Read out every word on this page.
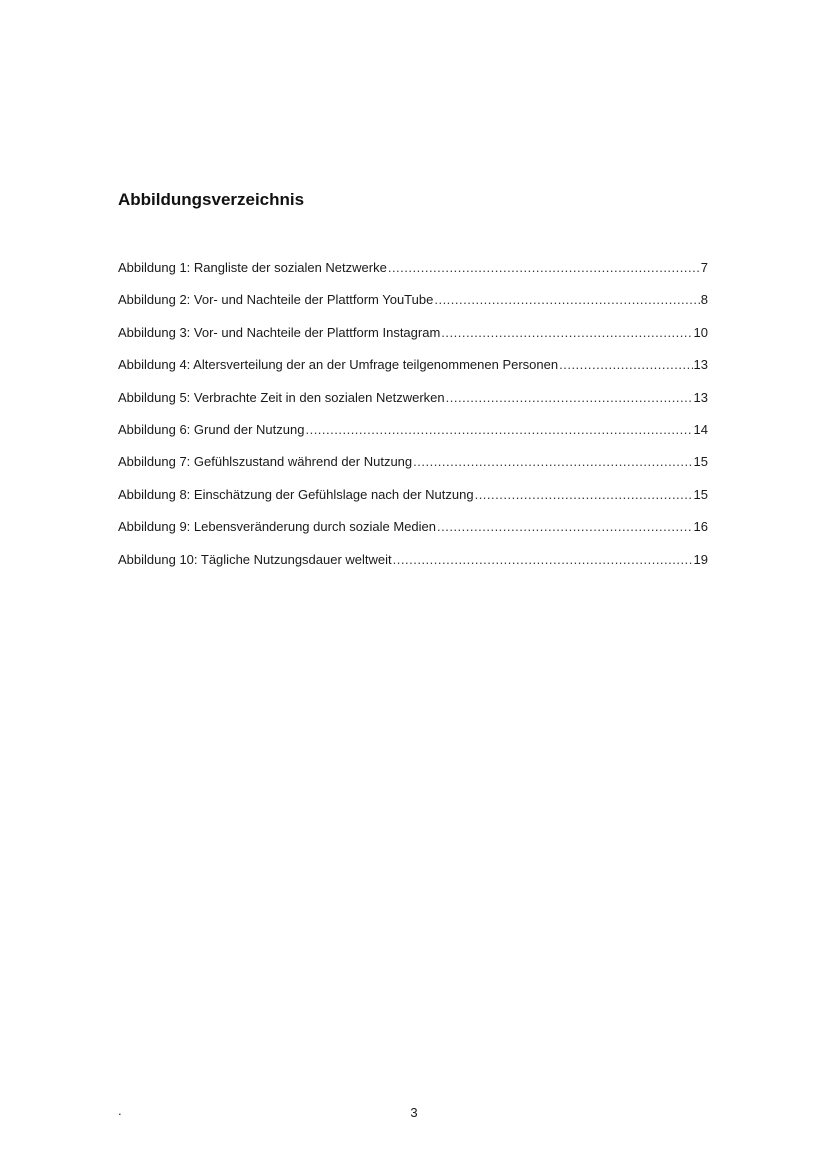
Abbildungsverzeichnis
Abbildung 1: Rangliste der sozialen Netzwerke .....	7
Abbildung 2: Vor- und Nachteile der Plattform YouTube .....	8
Abbildung 3: Vor- und Nachteile der Plattform Instagram .....	10
Abbildung 4: Altersverteilung der an der Umfrage teilgenommenen Personen .....	13
Abbildung 5: Verbrachte Zeit in den sozialen Netzwerken .....	13
Abbildung 6: Grund der Nutzung .....	14
Abbildung 7: Gefühlszustand während der Nutzung .....	15
Abbildung 8: Einschätzung der Gefühlslage nach der Nutzung .....	15
Abbildung 9: Lebensveränderung durch soziale Medien .....	16
Abbildung 10: Tägliche Nutzungsdauer weltweit .....	19
.	3
